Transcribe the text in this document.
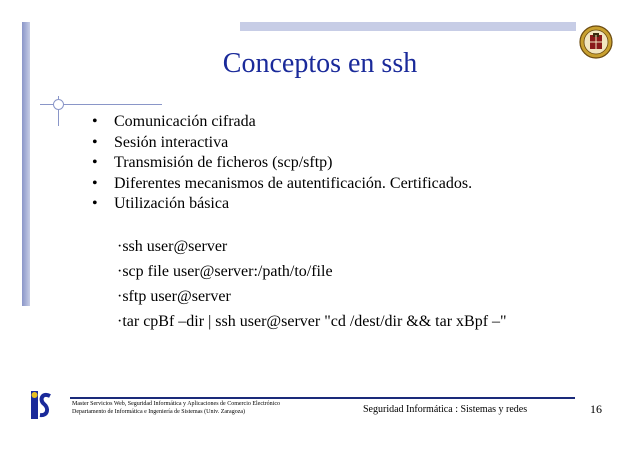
Conceptos en ssh
• Comunicación cifrada
• Sesión interactiva
• Transmisión de ficheros (scp/sftp)
• Diferentes mecanismos de autentificación. Certificados.
• Utilización básica
·ssh user@server
·scp file user@server:/path/to/file
·sftp user@server
·tar cpBf –dir | ssh user@server "cd /dest/dir && tar xBpf –"
Master Servicios Web, Seguridad Informática y Aplicaciones de Comercio Electrónico
Departamento de Informática e Ingeniería de Sistemas (Univ. Zaragoza)	Seguridad Informática : Sistemas y redes	16
